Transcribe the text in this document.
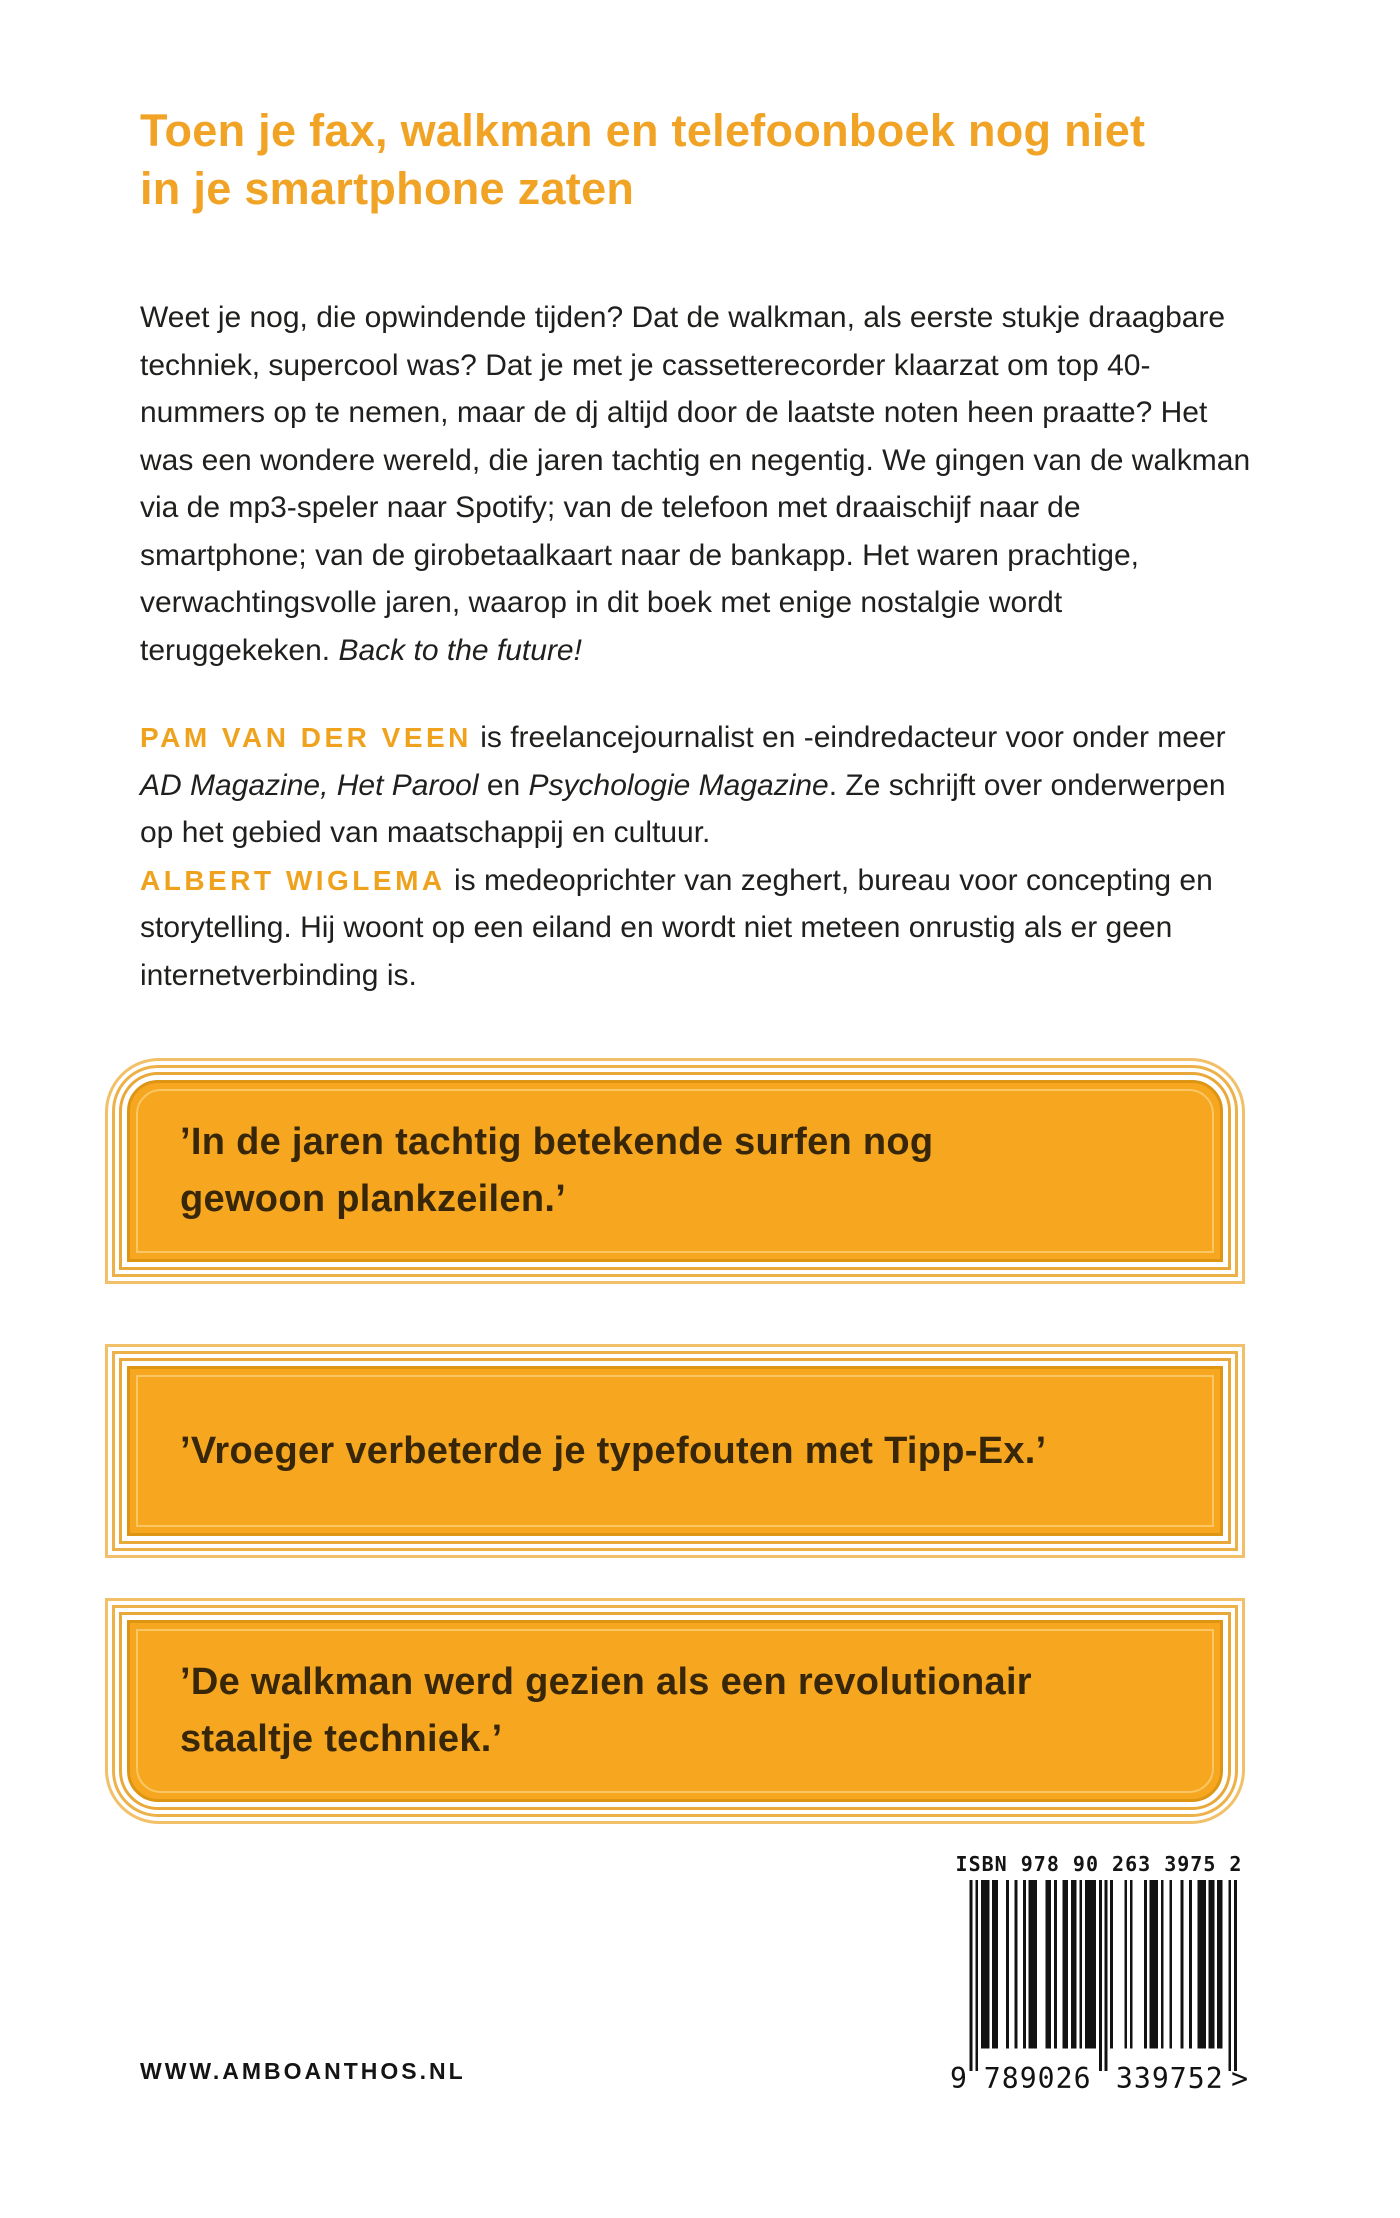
Toen je fax, walkman en telefoonboek nog niet
in je smartphone zaten

Weet je nog, die opwindende tijden? Dat de walkman, als eerste stukje draagbare techniek, supercool was? Dat je met je cassetterecorder klaarzat om top 40-nummers op te nemen, maar de dj altijd door de laatste noten heen praatte? Het was een wondere wereld, die jaren tachtig en negentig. We gingen van de walkman via de mp3-speler naar Spotify; van de telefoon met draaischijf naar de smartphone; van de girobetaalkaart naar de bankapp. Het waren prachtige, verwachtingsvolle jaren, waarop in dit boek met enige nostalgie wordt teruggekeken. Back to the future!

PAM VAN DER VEEN is freelancejournalist en -eindredacteur voor onder meer AD Magazine, Het Parool en Psychologie Magazine. Ze schrijft over onderwerpen op het gebied van maatschappij en cultuur.
ALBERT WIGLEMA is medeoprichter van zeghert, bureau voor concepting en storytelling. Hij woont op een eiland en wordt niet meteen onrustig als er geen internetverbinding is.

’In de jaren tachtig betekende surfen nog
gewoon plankzeilen.’

’Vroeger verbeterde je typefouten met Tipp-Ex.’

’De walkman werd gezien als een revolutionair
staaltje techniek.’

ISBN 978 90 263 3975 2
9 789026	339752 >
WWW.AMBOANTHOS.NL
